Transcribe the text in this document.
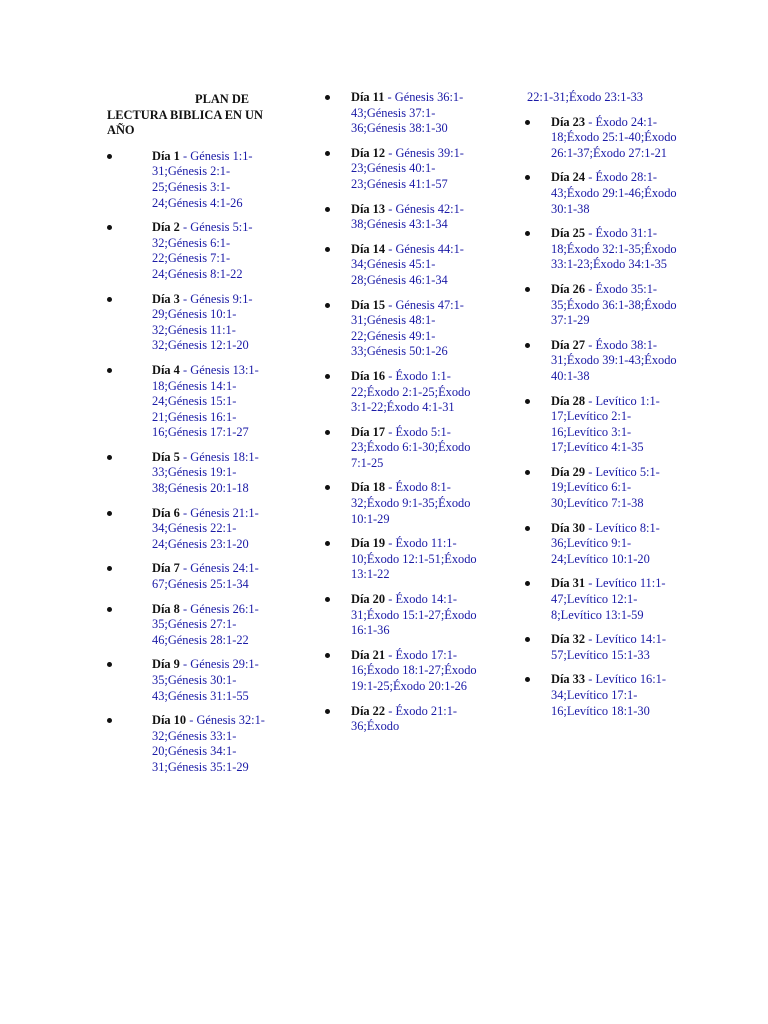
PLAN DE
LECTURA BIBLICA EN UN AÑO
Día 1 - Génesis 1:1-31;Génesis 2:1-25;Génesis 3:1-24;Génesis 4:1-26
Día 2 - Génesis 5:1-32;Génesis 6:1-22;Génesis 7:1-24;Génesis 8:1-22
Día 3 - Génesis 9:1-29;Génesis 10:1-32;Génesis 11:1-32;Génesis 12:1-20
Día 4 - Génesis 13:1-18;Génesis 14:1-24;Génesis 15:1-21;Génesis 16:1-16;Génesis 17:1-27
Día 5 - Génesis 18:1-33;Génesis 19:1-38;Génesis 20:1-18
Día 6 - Génesis 21:1-34;Génesis 22:1-24;Génesis 23:1-20
Día 7 - Génesis 24:1-67;Génesis 25:1-34
Día 8 - Génesis 26:1-35;Génesis 27:1-46;Génesis 28:1-22
Día 9 - Génesis 29:1-35;Génesis 30:1-43;Génesis 31:1-55
Día 10 - Génesis 32:1-32;Génesis 33:1-20;Génesis 34:1-31;Génesis 35:1-29
Día 11 - Génesis 36:1-43;Génesis 37:1-36;Génesis 38:1-30
Día 12 - Génesis 39:1-23;Génesis 40:1-23;Génesis 41:1-57
Día 13 - Génesis 42:1-38;Génesis 43:1-34
Día 14 - Génesis 44:1-34;Génesis 45:1-28;Génesis 46:1-34
Día 15 - Génesis 47:1-31;Génesis 48:1-22;Génesis 49:1-33;Génesis 50:1-26
Día 16 - Éxodo 1:1-22;Éxodo 2:1-25;Éxodo 3:1-22;Éxodo 4:1-31
Día 17 - Éxodo 5:1-23;Éxodo 6:1-30;Éxodo 7:1-25
Día 18 - Éxodo 8:1-32;Éxodo 9:1-35;Éxodo 10:1-29
Día 19 - Éxodo 11:1-10;Éxodo 12:1-51;Éxodo 13:1-22
Día 20 - Éxodo 14:1-31;Éxodo 15:1-27;Éxodo 16:1-36
Día 21 - Éxodo 17:1-16;Éxodo 18:1-27;Éxodo 19:1-25;Éxodo 20:1-26
Día 22 - Éxodo 21:1-36;Éxodo
22:1-31;Éxodo 23:1-33
Día 23 - Éxodo 24:1-18;Éxodo 25:1-40;Éxodo 26:1-37;Éxodo 27:1-21
Día 24 - Éxodo 28:1-43;Éxodo 29:1-46;Éxodo 30:1-38
Día 25 - Éxodo 31:1-18;Éxodo 32:1-35;Éxodo 33:1-23;Éxodo 34:1-35
Día 26 - Éxodo 35:1-35;Éxodo 36:1-38;Éxodo 37:1-29
Día 27 - Éxodo 38:1-31;Éxodo 39:1-43;Éxodo 40:1-38
Día 28 - Levítico 1:1-17;Levítico 2:1-16;Levítico 3:1-17;Levítico 4:1-35
Día 29 - Levítico 5:1-19;Levítico 6:1-30;Levítico 7:1-38
Día 30 - Levítico 8:1-36;Levítico 9:1-24;Levítico 10:1-20
Día 31 - Levítico 11:1-47;Levítico 12:1-8;Levítico 13:1-59
Día 32 - Levítico 14:1-57;Levítico 15:1-33
Día 33 - Levítico 16:1-34;Levítico 17:1-16;Levítico 18:1-30
